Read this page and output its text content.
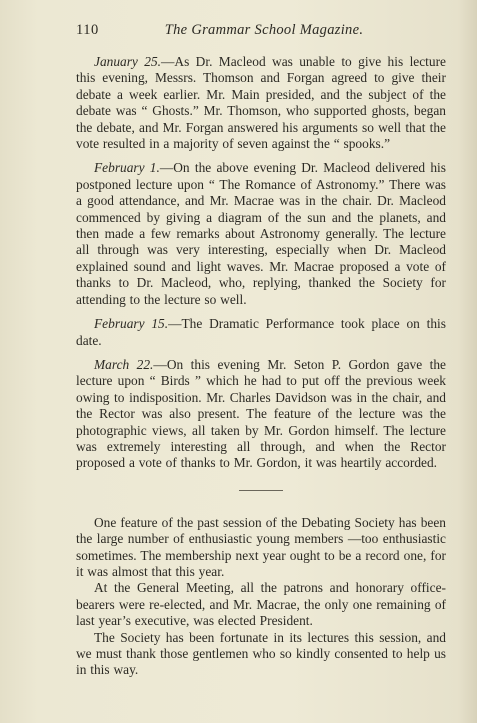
110	The Grammar School Magazine.

January 25.—As Dr. Macleod was unable to give his lecture this evening, Messrs. Thomson and Forgan agreed to give their debate a week earlier. Mr. Main presided, and the subject of the debate was “ Ghosts.” Mr. Thomson, who supported ghosts, began the debate, and Mr. Forgan answered his arguments so well that the vote resulted in a majority of seven against the “ spooks.”

February 1.—On the above evening Dr. Macleod delivered his postponed lecture upon “ The Romance of Astronomy.” There was a good attendance, and Mr. Macrae was in the chair. Dr. Macleod commenced by giving a diagram of the sun and the planets, and then made a few remarks about Astronomy generally. The lecture all through was very interesting, especially when Dr. Macleod explained sound and light waves. Mr. Macrae proposed a vote of thanks to Dr. Macleod, who, replying, thanked the Society for attending to the lecture so well.

February 15.—The Dramatic Performance took place on this date.

March 22.—On this evening Mr. Seton P. Gordon gave the lecture upon “ Birds ” which he had to put off the previous week owing to indisposition. Mr. Charles Davidson was in the chair, and the Rector was also present. The feature of the lecture was the photographic views, all taken by Mr. Gordon himself. The lecture was extremely interesting all through, and when the Rector proposed a vote of thanks to Mr. Gordon, it was heartily accorded.

One feature of the past session of the Debating Society has been the large number of enthusiastic young members —too enthusiastic sometimes. The membership next year ought to be a record one, for it was almost that this year.

At the General Meeting, all the patrons and honorary office-bearers were re-elected, and Mr. Macrae, the only one remaining of last year’s executive, was elected President.

The Society has been fortunate in its lectures this session, and we must thank those gentlemen who so kindly consented to help us in this way.
